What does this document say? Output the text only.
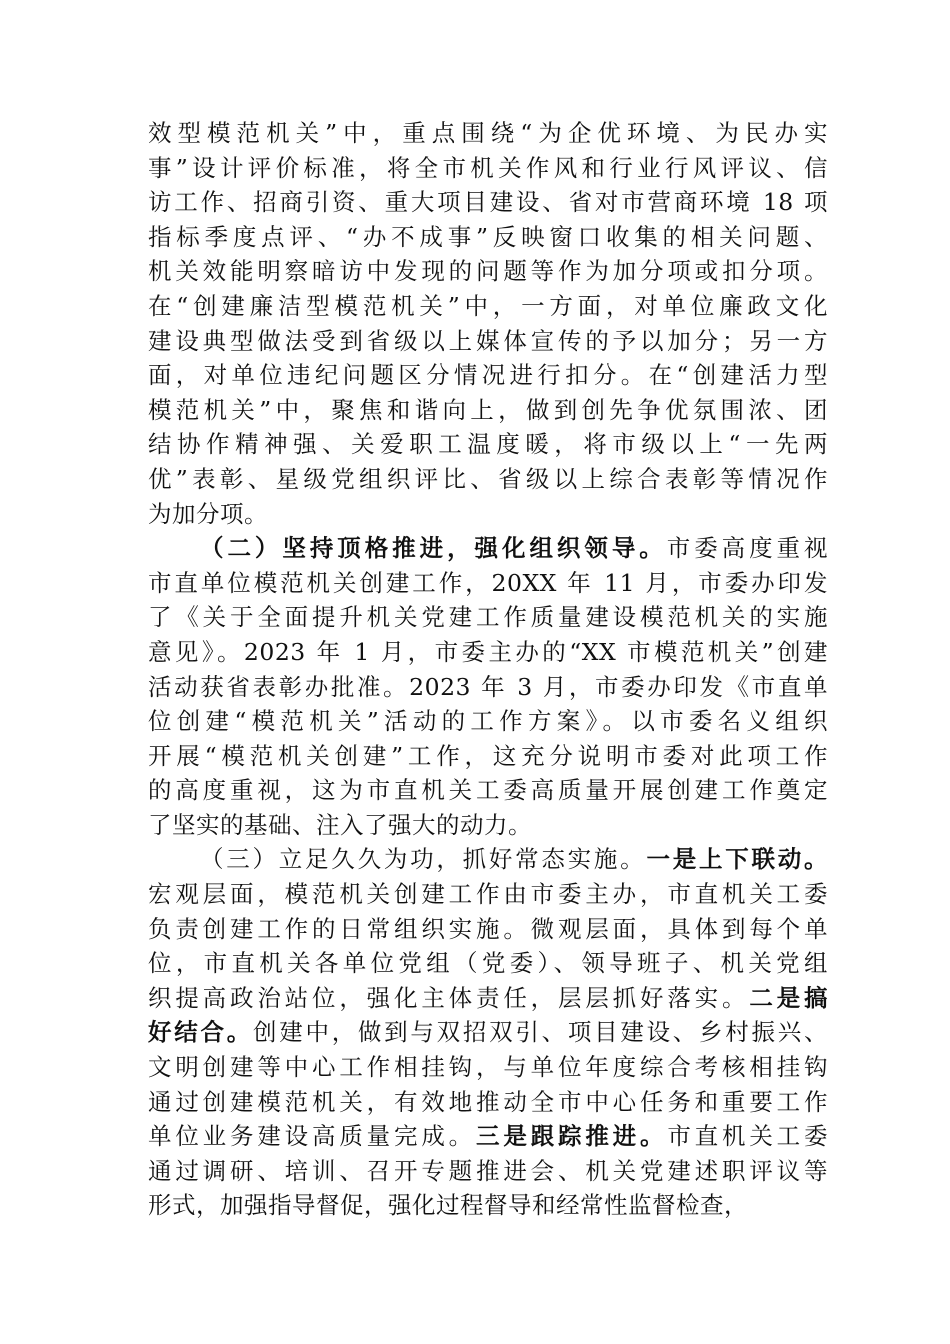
效型模范机关”中，重点围绕“为企优环境、为民办实
事”设计评价标准，将全市机关作风和行业行风评议、信
访工作、招商引资、重大项目建设、省对市营商环境 18 项
指标季度点评、“办不成事”反映窗口收集的相关问题、
机关效能明察暗访中发现的问题等作为加分项或扣分项。
在“创建廉洁型模范机关”中，一方面，对单位廉政文化
建设典型做法受到省级以上媒体宣传的予以加分；另一方
面，对单位违纪问题区分情况进行扣分。在“创建活力型
模范机关”中，聚焦和谐向上，做到创先争优氛围浓、团
结协作精神强、关爱职工温度暖，将市级以上“一先两
优”表彰、星级党组织评比、省级以上综合表彰等情况作
为加分项。
（二）坚持顶格推进，强化组织领导。市委高度重视
市直单位模范机关创建工作，20XX 年 11 月，市委办印发
了《关于全面提升机关党建工作质量建设模范机关的实施
意见》。2023 年 1 月，市委主办的“XX 市模范机关”创建
活动获省表彰办批准。2023 年 3 月，市委办印发《市直单
位创建“模范机关”活动的工作方案》。以市委名义组织
开展“模范机关创建”工作，这充分说明市委对此项工作
的高度重视，这为市直机关工委高质量开展创建工作奠定
了坚实的基础、注入了强大的动力。
（三）立足久久为功，抓好常态实施。一是上下联动。
宏观层面，模范机关创建工作由市委主办，市直机关工委
负责创建工作的日常组织实施。微观层面，具体到每个单
位，市直机关各单位党组（党委）、领导班子、机关党组
织提高政治站位，强化主体责任，层层抓好落实。二是搞
好结合。创建中，做到与双招双引、项目建设、乡村振兴、
文明创建等中心工作相挂钩，与单位年度综合考核相挂钩
通过创建模范机关，有效地推动全市中心任务和重要工作
单位业务建设高质量完成。三是跟踪推进。市直机关工委
通过调研、培训、召开专题推进会、机关党建述职评议等
形式，加强指导督促，强化过程督导和经常性监督检查，
